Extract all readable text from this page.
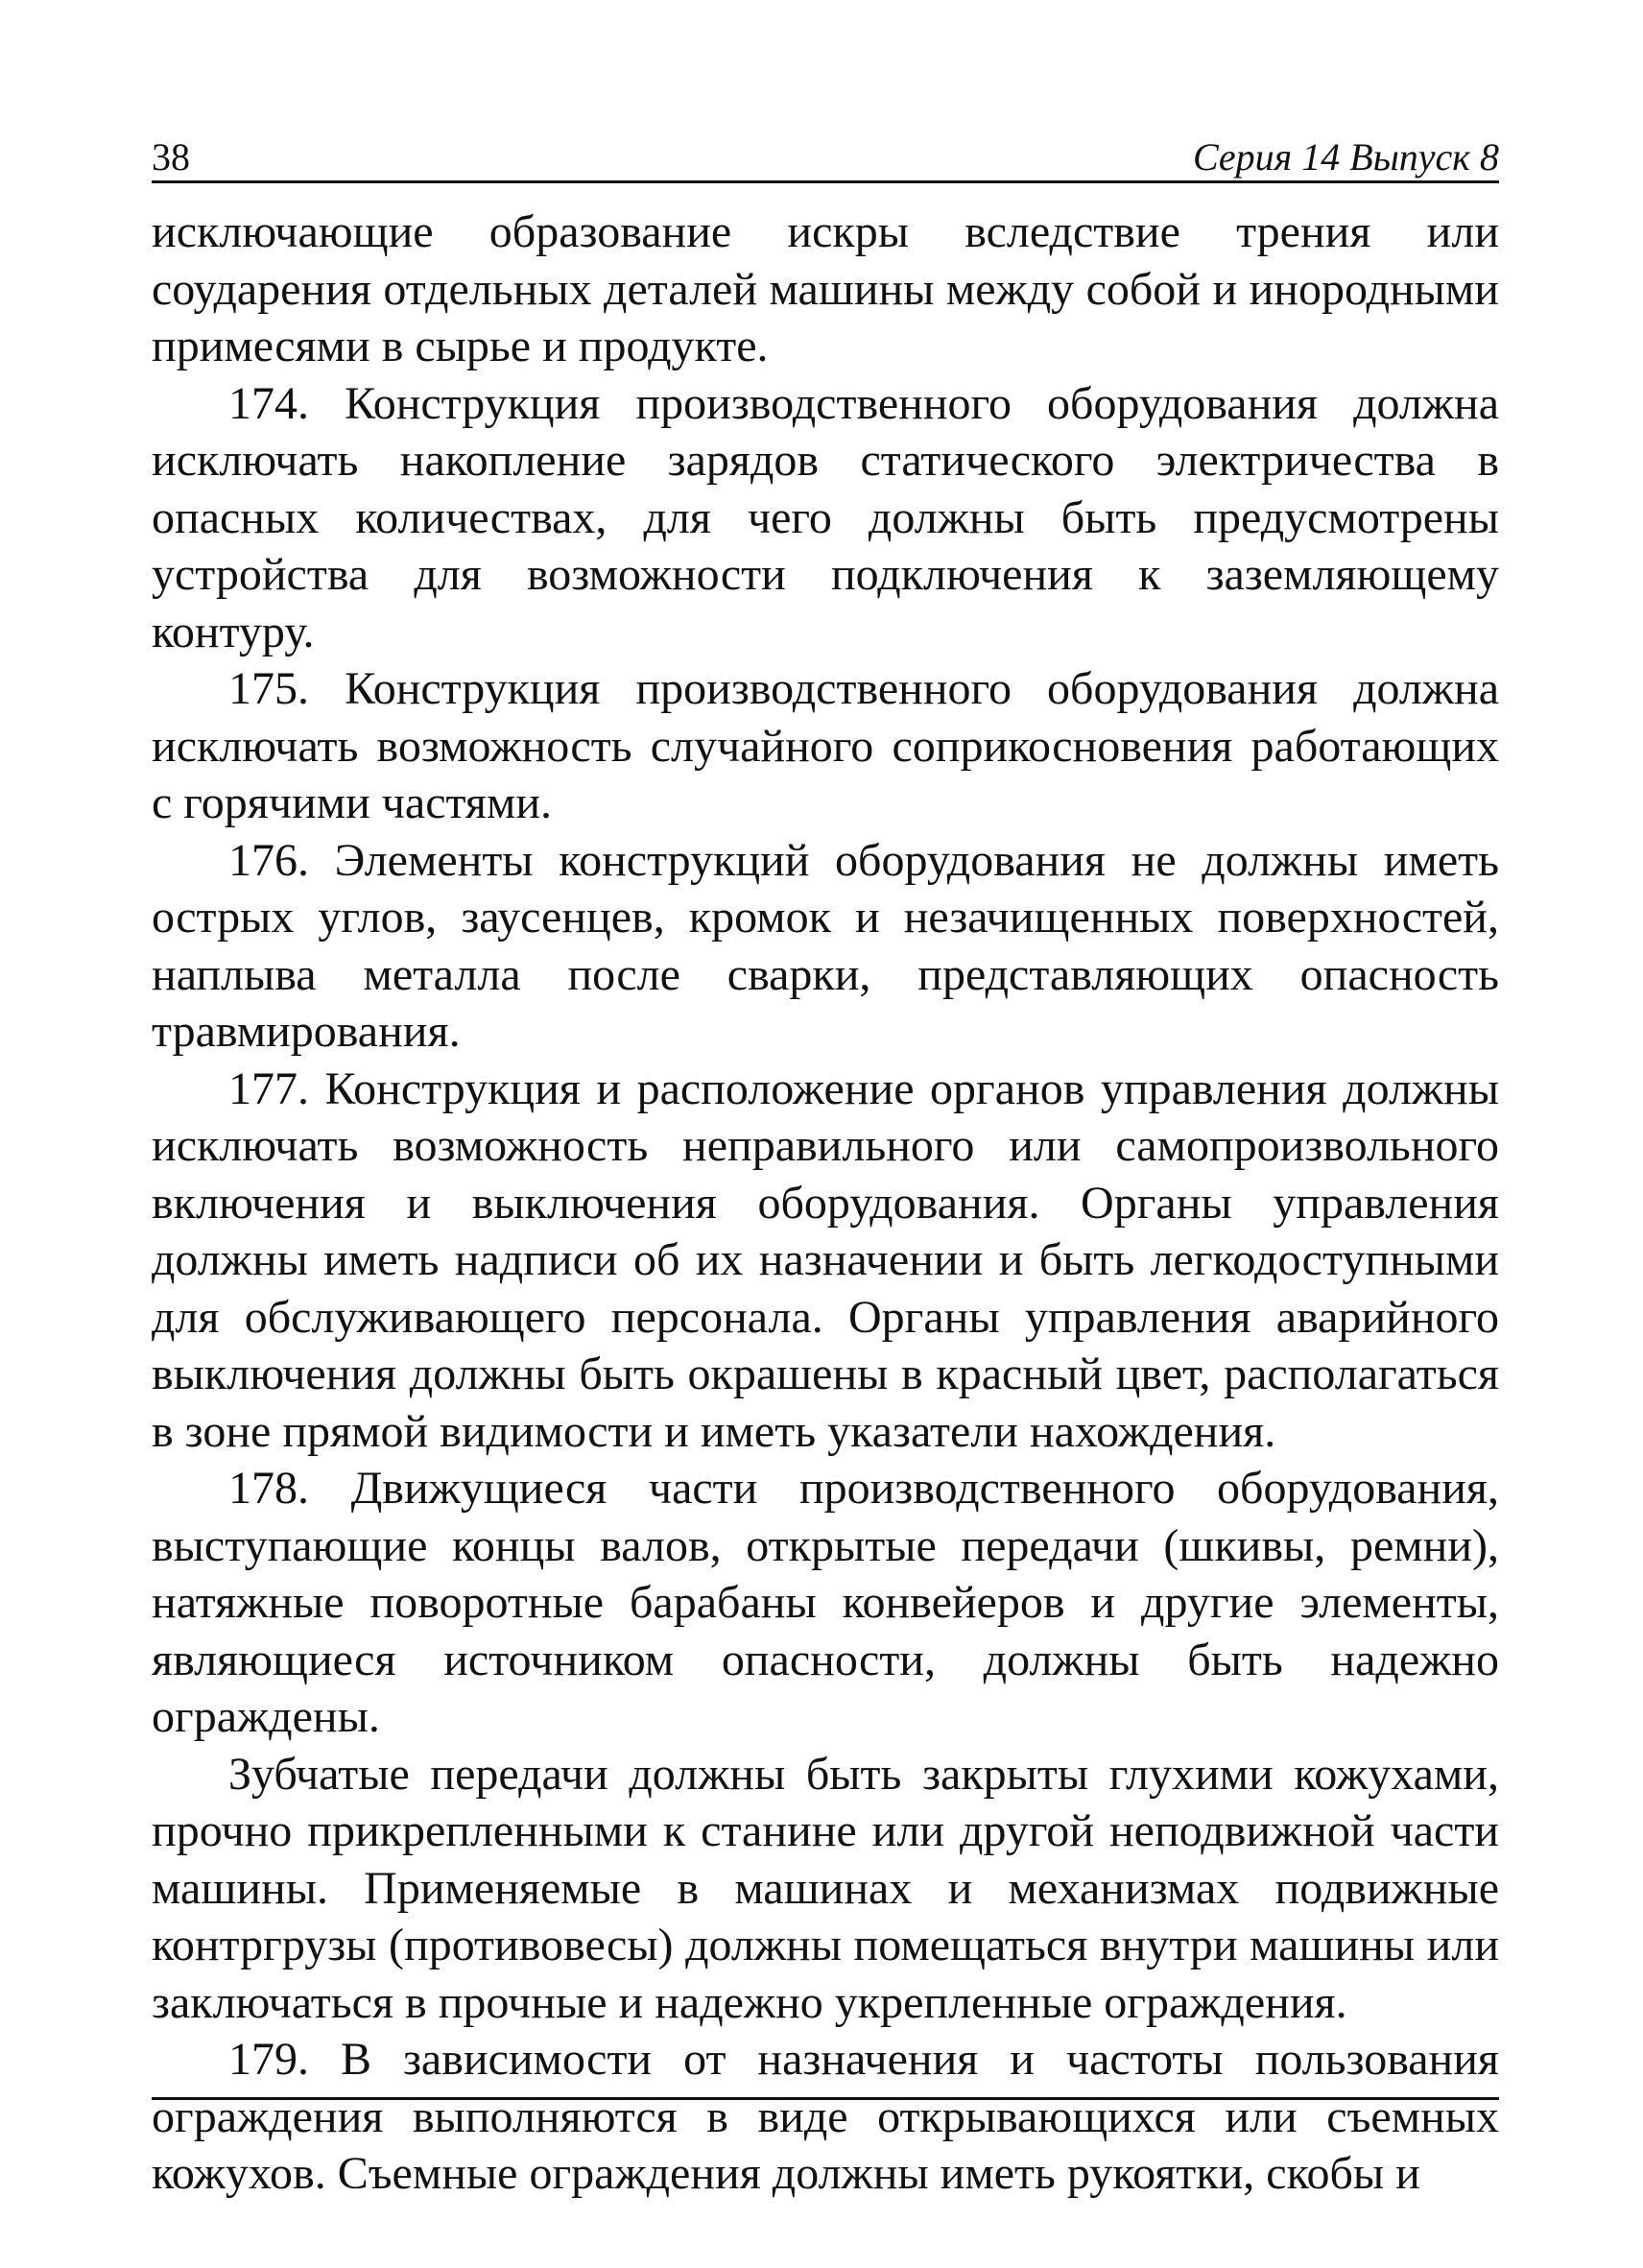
38	Серия 14 Выпуск 8

исключающие образование искры вследствие трения или соударения отдельных деталей машины между собой и инородными примесями в сырье и продукте.

174. Конструкция производственного оборудования должна исключать накопление зарядов статического электричества в опасных количествах, для чего должны быть предусмотрены устройства для возможности подключения к заземляющему контуру.

175. Конструкция производственного оборудования должна исключать возможность случайного соприкосновения работающих с горячими частями.

176. Элементы конструкций оборудования не должны иметь острых углов, заусенцев, кромок и незачищенных поверхностей, наплыва металла после сварки, представляющих опасность травмирования.

177. Конструкция и расположение органов управления должны исключать возможность неправильного или самопроизвольного включения и выключения оборудования. Органы управления должны иметь надписи об их назначении и быть легкодоступными для обслуживающего персонала. Органы управления аварийного выключения должны быть окрашены в красный цвет, располагаться в зоне прямой видимости и иметь указатели нахождения.

178. Движущиеся части производственного оборудования, выступающие концы валов, открытые передачи (шкивы, ремни), натяжные поворотные барабаны конвейеров и другие элементы, являющиеся источником опасности, должны быть надежно ограждены.

Зубчатые передачи должны быть закрыты глухими кожухами, прочно прикрепленными к станине или другой неподвижной части машины. Применяемые в машинах и механизмах подвижные контргрузы (противовесы) должны помещаться внутри машины или заключаться в прочные и надежно укрепленные ограждения.

179. В зависимости от назначения и частоты пользования ограждения выполняются в виде открывающихся или съемных кожухов. Съемные ограждения должны иметь рукоятки, скобы и
